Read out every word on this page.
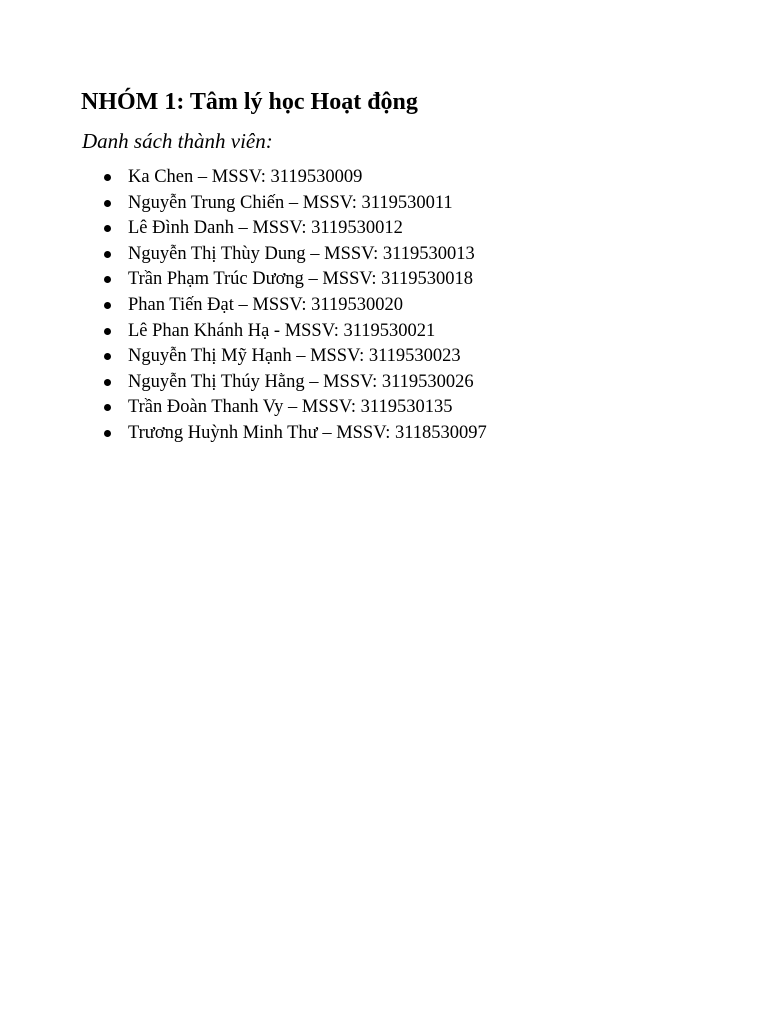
NHÓM 1: Tâm lý học Hoạt động

Danh sách thành viên:

Ka Chen – MSSV: 3119530009
Nguyễn Trung Chiến – MSSV: 3119530011
Lê Đình Danh – MSSV: 3119530012
Nguyễn Thị Thùy Dung – MSSV: 3119530013
Trần Phạm Trúc Dương – MSSV: 3119530018
Phan Tiến Đạt – MSSV: 3119530020
Lê Phan Khánh Hạ - MSSV: 3119530021
Nguyễn Thị Mỹ Hạnh – MSSV: 3119530023
Nguyễn Thị Thúy Hằng – MSSV: 3119530026
Trần Đoàn Thanh Vy – MSSV: 3119530135
Trương Huỳnh Minh Thư – MSSV: 3118530097
